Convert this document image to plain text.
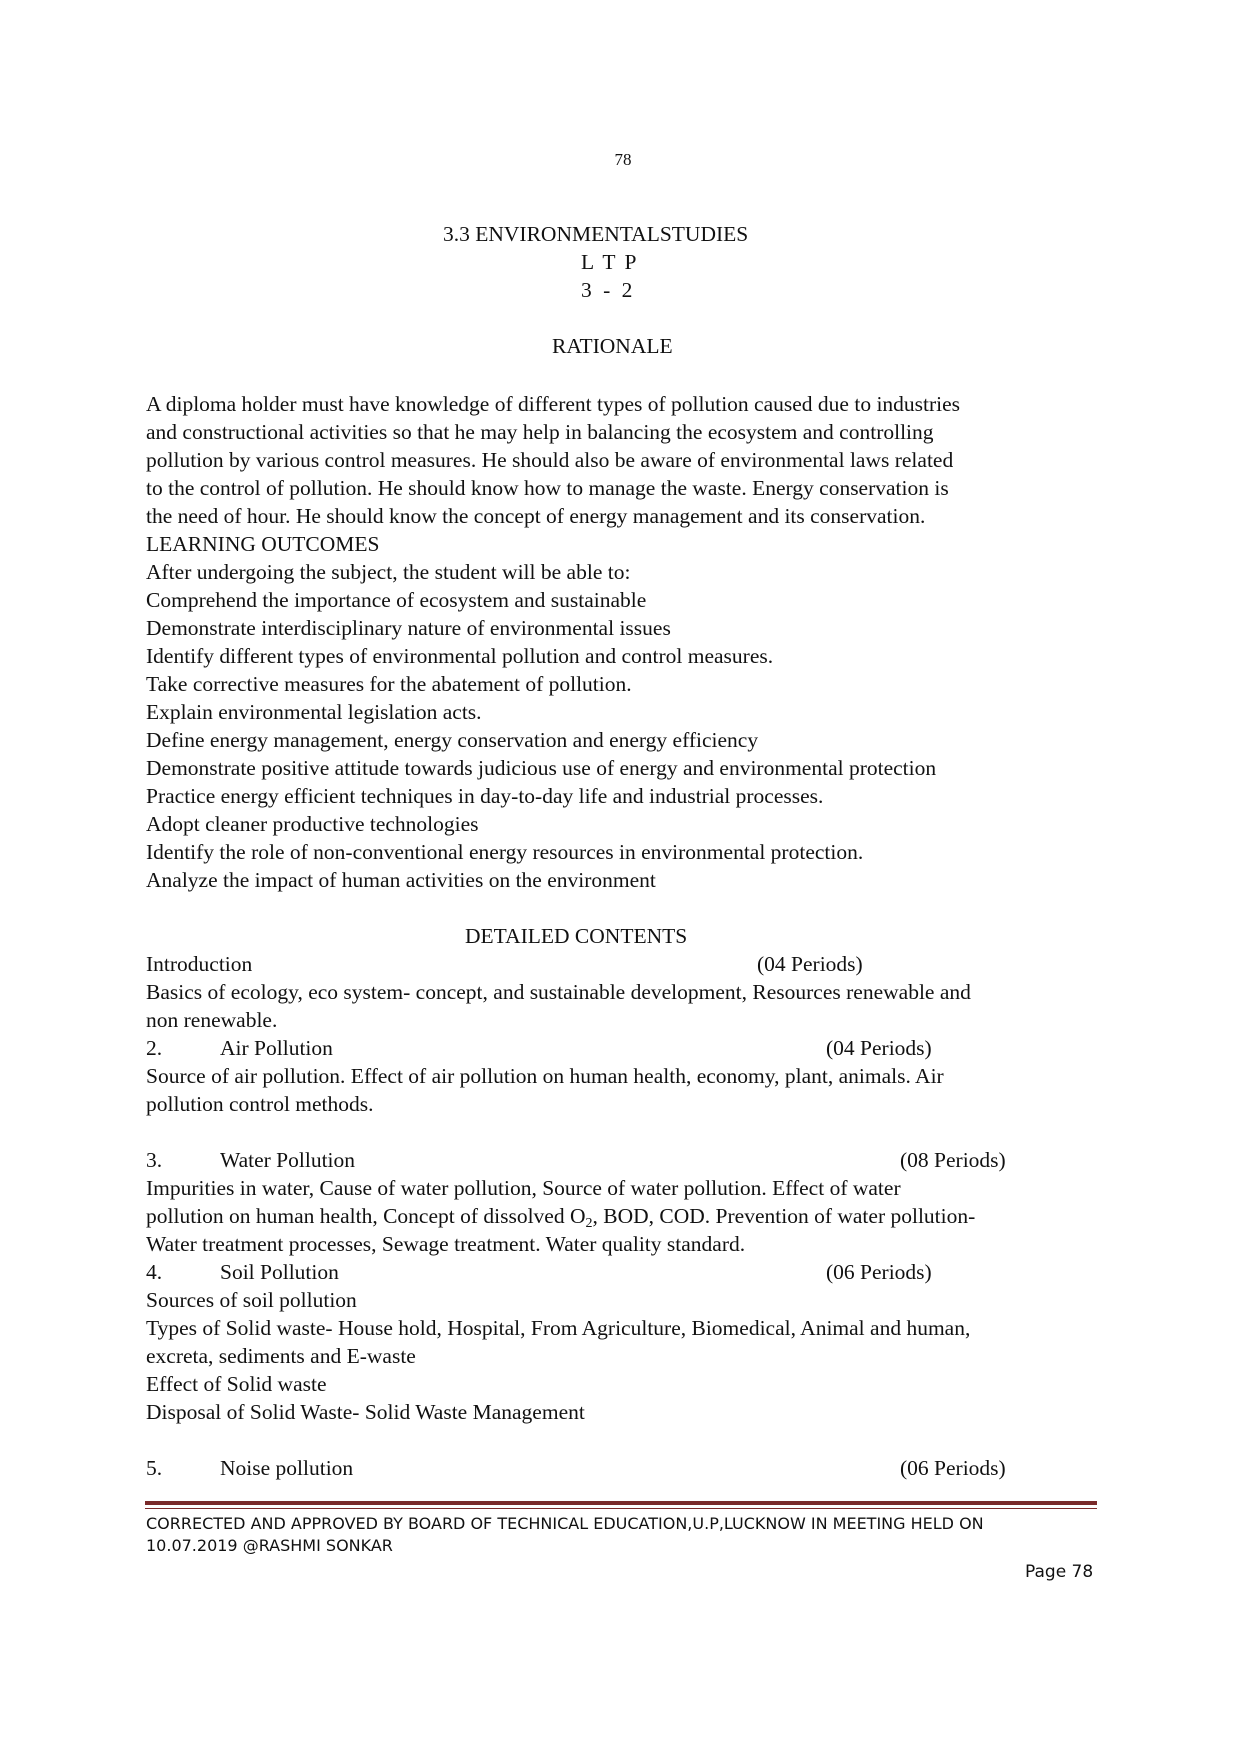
78
3.3 ENVIRONMENTALSTUDIES
L T P
3 - 2
RATIONALE
A diploma holder must have knowledge of different types of pollution caused due to industries
and constructional activities so that he may help in balancing the ecosystem and controlling
pollution by various control measures. He should also be aware of environmental laws related
to the control of pollution. He should know how to manage the waste. Energy conservation is
the need of hour. He should know the concept of energy management and its conservation.
LEARNING OUTCOMES
After undergoing the subject, the student will be able to:
Comprehend the importance of ecosystem and sustainable
Demonstrate interdisciplinary nature of environmental issues
Identify different types of environmental pollution and control measures.
Take corrective measures for the abatement of pollution.
Explain environmental legislation acts.
Define energy management, energy conservation and energy efficiency
Demonstrate positive attitude towards judicious use of energy and environmental protection
Practice energy efficient techniques in day-to-day life and industrial processes.
Adopt cleaner productive technologies
Identify the role of non-conventional energy resources in environmental protection.
Analyze the impact of human activities on the environment
DETAILED CONTENTS
Introduction	(04 Periods)
Basics of ecology, eco system- concept, and sustainable development, Resources renewable and
non renewable.
2.	Air Pollution	(04 Periods)
Source of air pollution. Effect of air pollution on human health, economy, plant, animals. Air
pollution control methods.
3.	Water Pollution	(08 Periods)
Impurities in water, Cause of water pollution, Source of water pollution. Effect of water
pollution on human health, Concept of dissolved $O_2$, BOD, COD. Prevention of water pollution-
Water treatment processes, Sewage treatment. Water quality standard.
4.	Soil Pollution	(06 Periods)
Sources of soil pollution
Types of Solid waste- House hold, Hospital, From Agriculture, Biomedical, Animal and human,
excreta, sediments and E-waste
Effect of Solid waste
Disposal of Solid Waste- Solid Waste Management
5.	Noise pollution	(06 Periods)
CORRECTED AND APPROVED BY BOARD OF TECHNICAL EDUCATION,U.P,LUCKNOW IN MEETING HELD ON
10.07.2019 @RASHMI SONKAR
Page 78
